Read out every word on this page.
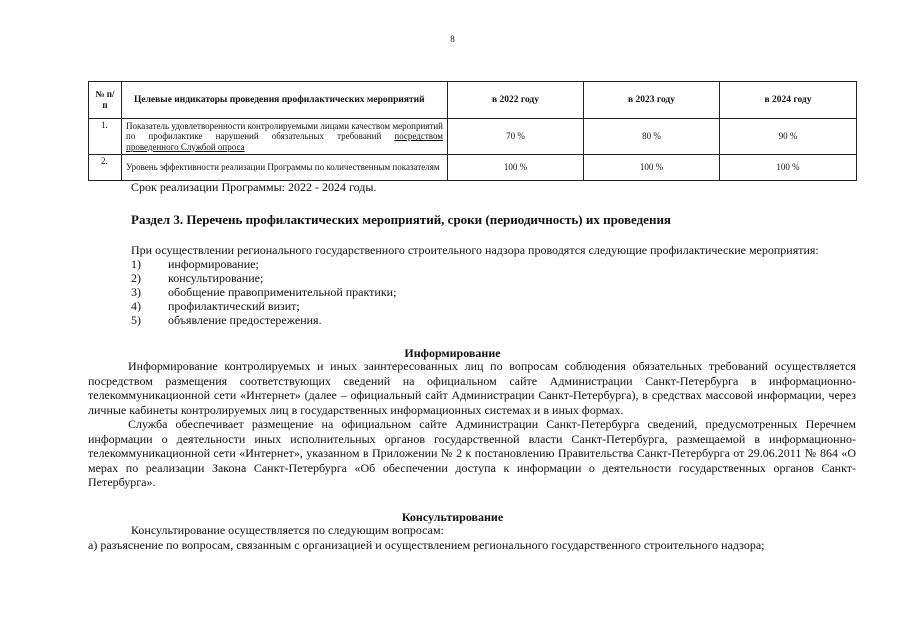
8
№ п/п	Целевые индикаторы проведения профилактических мероприятий	в 2022 году	в 2023 году	в 2024 году
1.	Показатель удовлетворенности контролируемыми лицами качеством мероприятий по профилактике нарушений обязательных требований посредством проведенного Службой опроса	70 %	80 %	90 %
2.	Уровень эффективности реализации Программы по количественным показателям	100 %	100 %	100 %
Срок реализации Программы: 2022 - 2024 годы.
Раздел 3. Перечень профилактических мероприятий, сроки (периодичность) их проведения
При осуществлении регионального государственного строительного надзора проводятся следующие профилактические мероприятия:
1) информирование;
2) консультирование;
3) обобщение правоприменительной практики;
4) профилактический визит;
5) объявление предостережения.
Информирование

Информирование контролируемых и иных заинтересованных лиц по вопросам соблюдения обязательных требований осуществляется посредством размещения соответствующих сведений на официальном сайте Администрации Санкт-Петербурга в информационно-телекоммуникационной сети «Интернет» (далее – официальный сайт Администрации Санкт-Петербурга), в средствах массовой информации, через личные кабинеты контролируемых лиц в государственных информационных системах и в иных формах.

Служба обеспечивает размещение на официальном сайте Администрации Санкт-Петербурга сведений, предусмотренных Перечнем информации о деятельности иных исполнительных органов государственной власти Санкт-Петербурга, размещаемой в информационно-телекоммуникационной сети «Интернет», указанном в Приложении № 2 к постановлению Правительства Санкт-Петербурга от 29.06.2011 № 864 «О мерах по реализации Закона Санкт-Петербурга «Об обеспечении доступа к информации о деятельности государственных органов Санкт-Петербурга».

Консультирование
Консультирование осуществляется по следующим вопросам:
а) разъяснение по вопросам, связанным с организацией и осуществлением регионального государственного строительного надзора;
